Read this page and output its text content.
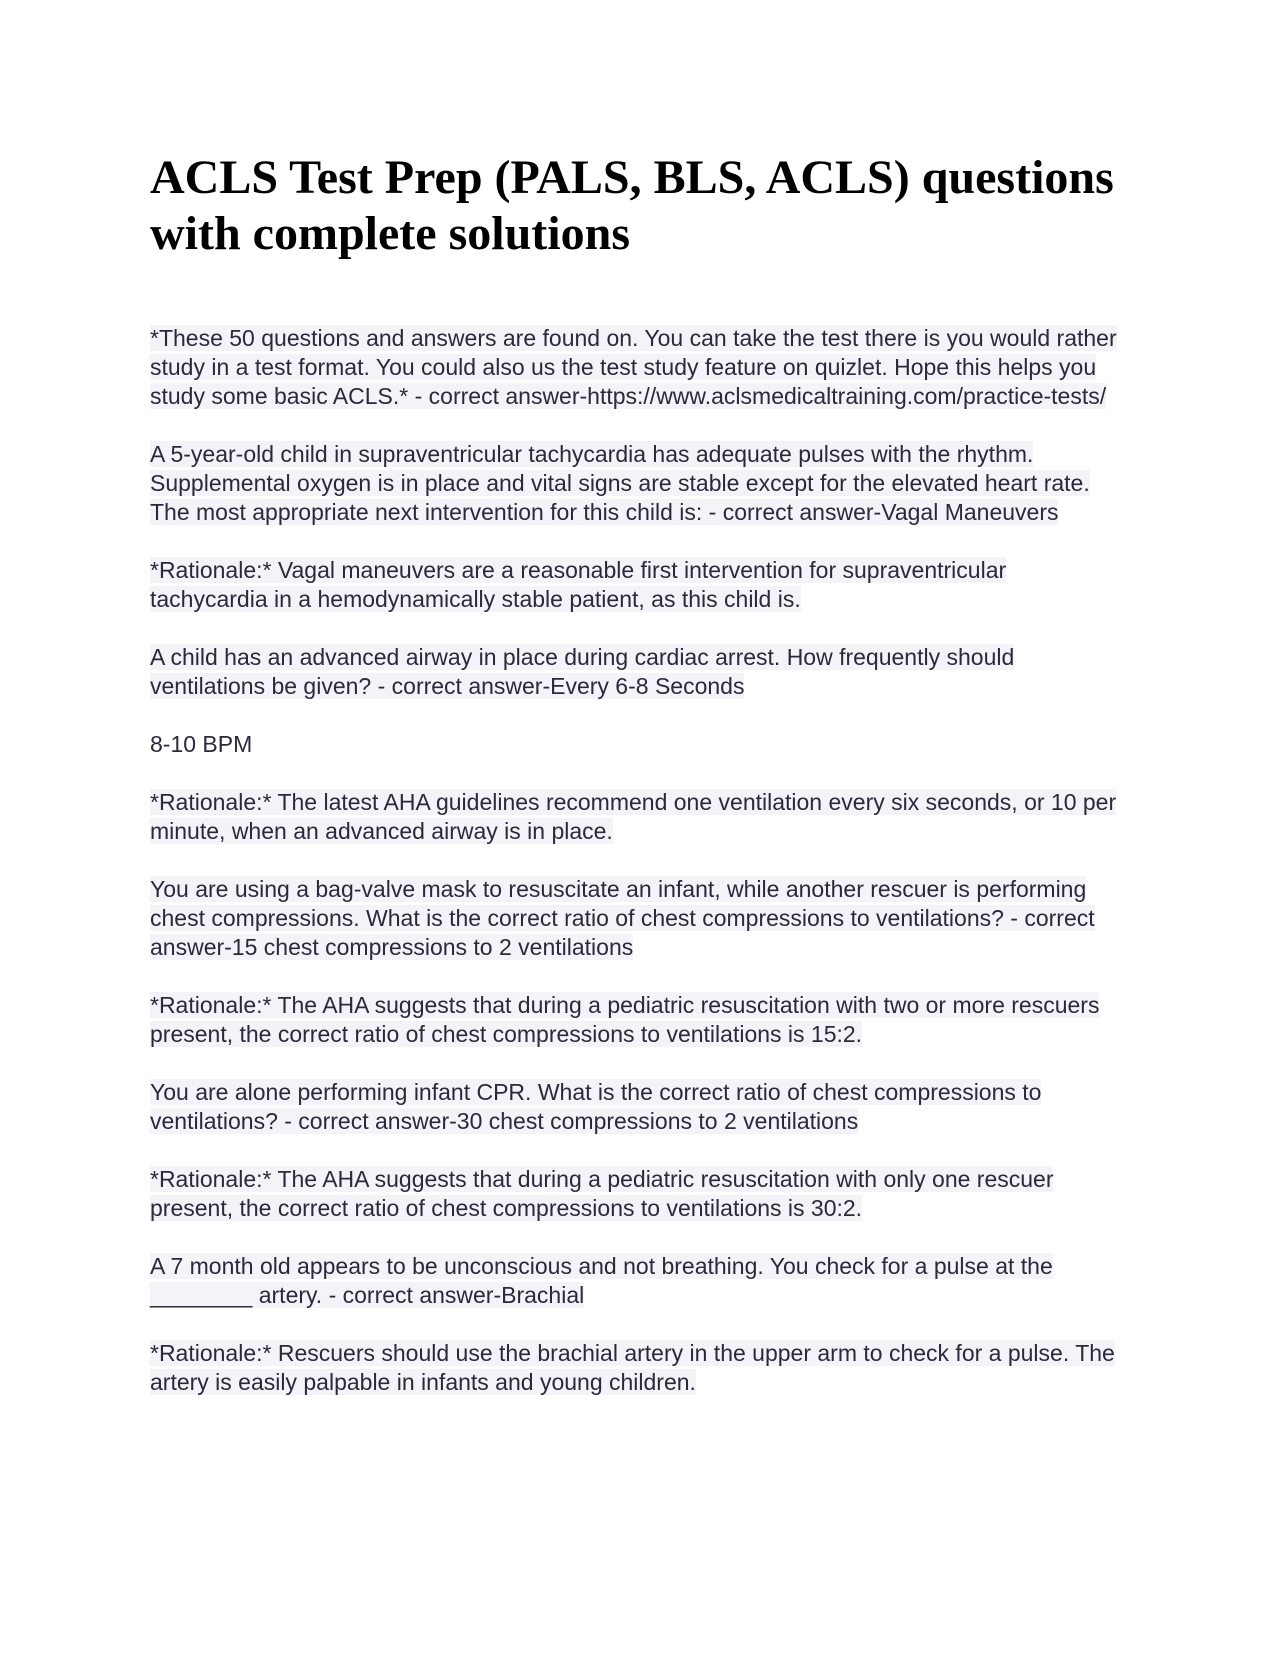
ACLS Test Prep (PALS, BLS, ACLS) questions with complete solutions

*These 50 questions and answers are found on. You can take the test there is you would rather study in a test format. You could also us the test study feature on quizlet. Hope this helps you study some basic ACLS.* - correct answer-https://www.aclsmedicaltraining.com/practice-tests/

A 5-year-old child in supraventricular tachycardia has adequate pulses with the rhythm. Supplemental oxygen is in place and vital signs are stable except for the elevated heart rate. The most appropriate next intervention for this child is: - correct answer-Vagal Maneuvers

*Rationale:* Vagal maneuvers are a reasonable first intervention for supraventricular tachycardia in a hemodynamically stable patient, as this child is.

A child has an advanced airway in place during cardiac arrest. How frequently should ventilations be given? - correct answer-Every 6-8 Seconds

8-10 BPM

*Rationale:* The latest AHA guidelines recommend one ventilation every six seconds, or 10 per minute, when an advanced airway is in place.

You are using a bag-valve mask to resuscitate an infant, while another rescuer is performing chest compressions. What is the correct ratio of chest compressions to ventilations? - correct answer-15 chest compressions to 2 ventilations

*Rationale:* The AHA suggests that during a pediatric resuscitation with two or more rescuers present, the correct ratio of chest compressions to ventilations is 15:2.

You are alone performing infant CPR. What is the correct ratio of chest compressions to ventilations? - correct answer-30 chest compressions to 2 ventilations

*Rationale:* The AHA suggests that during a pediatric resuscitation with only one rescuer present, the correct ratio of chest compressions to ventilations is 30:2.

A 7 month old appears to be unconscious and not breathing. You check for a pulse at the ________ artery. - correct answer-Brachial

*Rationale:* Rescuers should use the brachial artery in the upper arm to check for a pulse. The artery is easily palpable in infants and young children.
